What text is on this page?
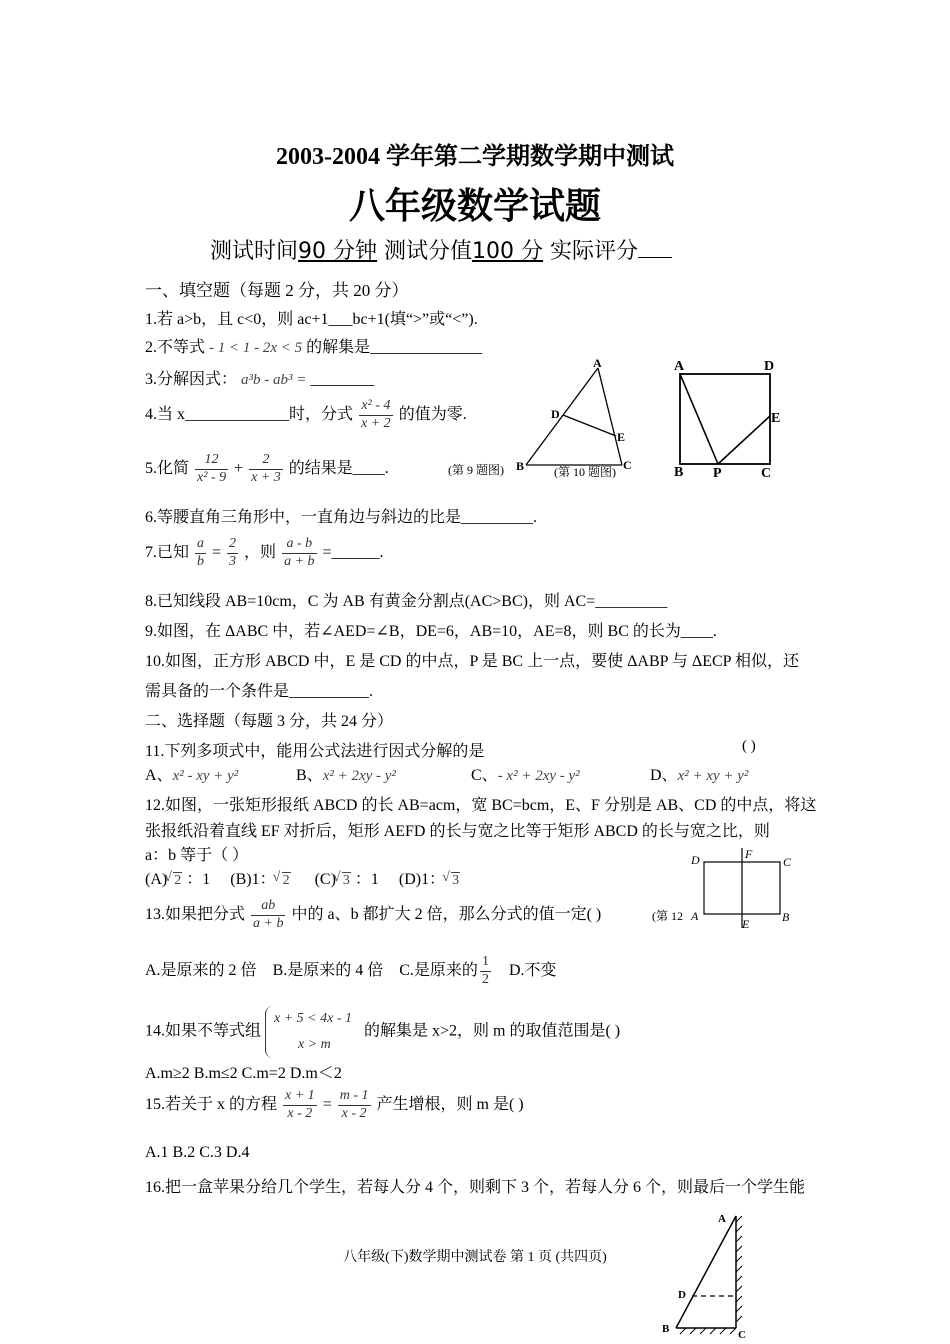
2003-2004 学年第二学期数学期中测试
八年级数学试题
测试时间90 分钟 测试分值100 分 实际评分
一、填空题（每题 2 分，共 20 分）
1.若 a>b，且 c<0，则 ac+1___bc+1(填“>”或“<”).
2.不等式 - 1 < 1 - 2x < 5 的解集是______________
3.分解因式： a³b - ab³ = ________
4.当 x_____________时，分式 $\frac{\text{x² - 4}}{x + 2}$ 的值为零.
5.化简 $\frac{12}{\text{x² - 9}} + \frac{2}{x + 3}$ 的结果是____.
6.等腰直角三角形中，一直角边与斜边的比是_________.
7.已知 $\frac{a}{b} = \frac{2}{3}$ ，则 $\frac{a - b}{a + b}$ =______.
8.已知线段 AB=10cm，C 为 AB 有黄金分割点(AC>BC)，则 AC=_________
9.如图，在 ΔABC 中，若∠AED=∠B，DE=6，AB=10，AE=8，则 BC 的长为____.
10.如图，正方形 ABCD 中，E 是 CD 的中点，P 是 BC 上一点，要使 ΔABP 与 ΔECP 相似，还
需具备的一个条件是__________.
A
D
E
B	C
(第 9 题图)	(第 10 题图)
A	D
E
B P	C
二、选择题（每题 3 分，共 24 分）
11.下列多项式中，能用公式法进行因式分解的是	( )
A、x² - xy + y²	B、x² + 2xy - y²	C、- x² + 2xy - y²	D、x² + xy + y²
12.如图，一张矩形报纸 ABCD 的长 AB=acm，宽 BC=bcm，E、F 分别是 AB、CD 的中点，将这
张报纸沿着直线 EF 对折后，矩形 AEFD 的长与宽之比等于矩形 ABCD 的长与宽之比，则
a：b 等于（ ）
(A) √ 2 ：1 (B)1： √ 2 (C) √ 3 ：1 (D)1： √ 3
D	F
C
A
E	B
(第 12
13.如果把分式 $\frac{ab}{a + b}$ 中的 a、b 都扩大 2 倍，那么分式的值一定( )
A.是原来的 2 倍 B.是原来的 4 倍 C.是原来的 $\frac{1}{2} D$.不变
14.如果不等式组
x + 5 < 4x - 1
x > m
的解集是 x>2，则 m 的取值范围是( )
A.m≥2 B.m≤2 C.m=2 D.m＜2
15.若关于 x 的方程 $\frac{x + 1}{x - 2} = \frac{m - 1}{x - 2}$ 产生增根，则 m 是( )
A.1 B.2 C.3 D.4
16.把一盒苹果分给几个学生，若每人分 4 个，则剩下 3 个，若每人分 6 个，则最后一个学生能
八年级(下)数学期中测试卷 第 1 页 (共四页)
A
D
B	C
